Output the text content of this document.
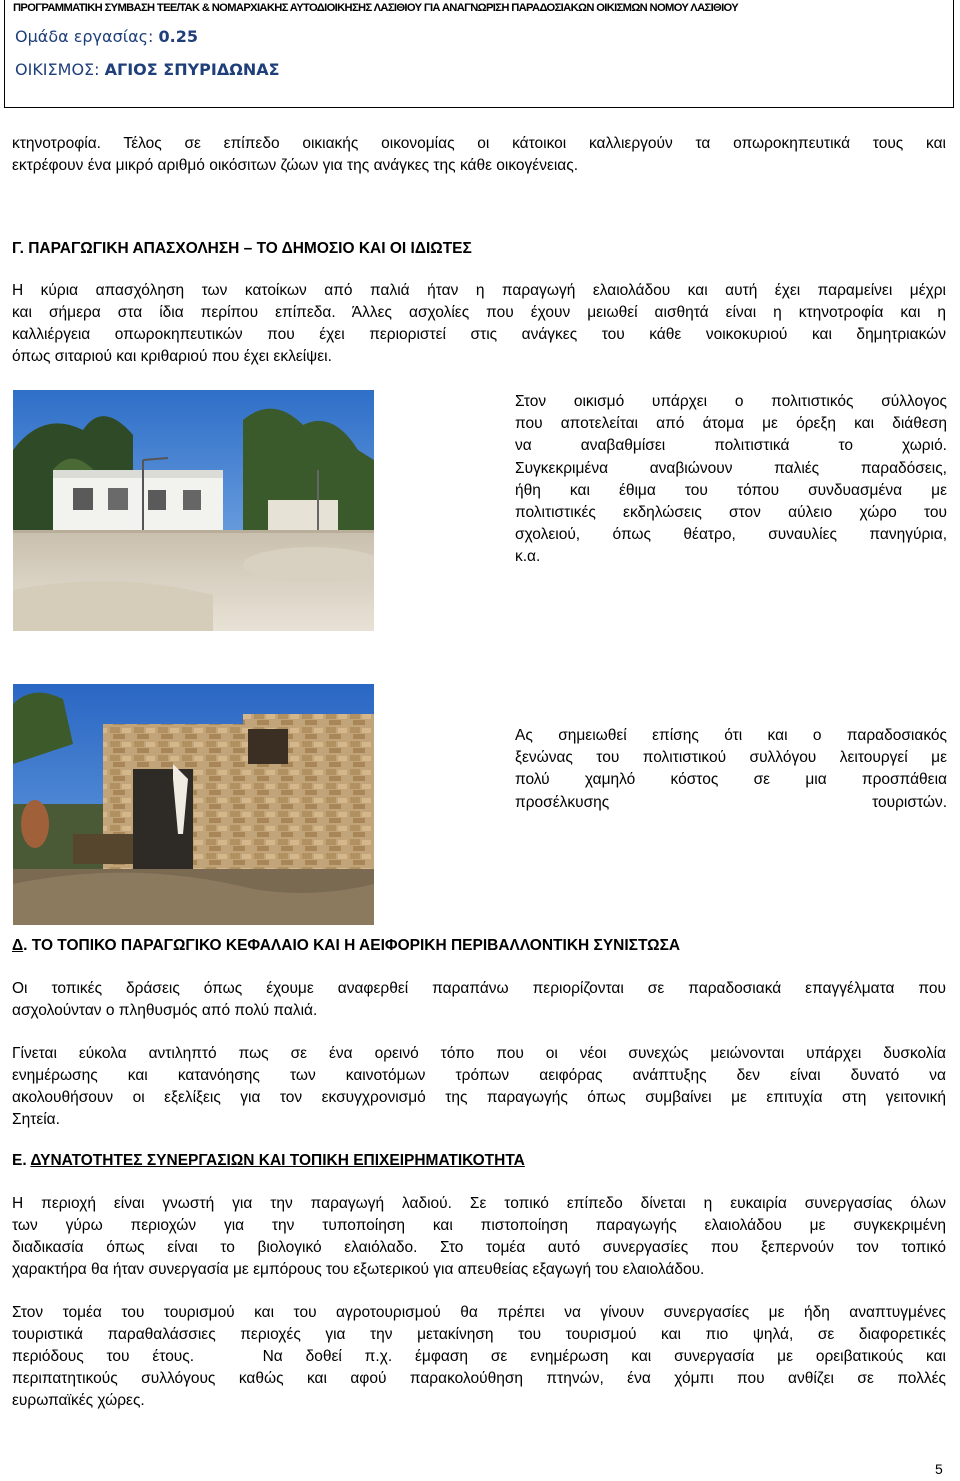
ΠΡΟΓΡΑΜΜΑΤΙΚΗ ΣΥΜΒΑΣΗ ΤΕΕ/ΤΑΚ & ΝΟΜΑΡΧΙΑΚΗΣ ΑΥΤΟΔΙΟΙΚΗΣΗΣ ΛΑΣΙΘΙΟΥ ΓΙΑ ΑΝΑΓΝΩΡΙΣΗ ΠΑΡΑΔΟΣΙΑΚΩΝ ΟΙΚΙΣΜΩΝ ΝΟΜΟΥ ΛΑΣΙΘΙΟΥ
Ομάδα εργασίας: 0.25
ΟΙΚΙΣΜΟΣ: ΑΓΙΟΣ ΣΠΥΡΙΔΩΝΑΣ
κτηνοτροφία. Τέλος σε επίπεδο οικιακής οικονομίας οι κάτοικοι καλλιεργούν τα οπωροκηπευτικά τους και
εκτρέφουν ένα μικρό αριθμό οικόσιτων ζώων για της ανάγκες της κάθε οικογένειας.
Γ. ΠΑΡΑΓΩΓΙΚΗ ΑΠΑΣΧΟΛΗΣΗ – ΤΟ ΔΗΜΟΣΙΟ ΚΑΙ ΟΙ ΙΔΙΩΤΕΣ
Η κύρια απασχόληση των κατοίκων από παλιά ήταν η παραγωγή ελαιολάδου και αυτή έχει παραμείνει μέχρι
και σήμερα στα ίδια περίπου επίπεδα. Άλλες ασχολίες που έχουν μειωθεί αισθητά είναι η κτηνοτροφία και η
καλλιέργεια οπωροκηπευτικών που έχει περιοριστεί στις ανάγκες του κάθε νοικοκυριού και δημητριακών
όπως σιταριού και κριθαριού που έχει εκλείψει.
Στον οικισμό υπάρχει ο πολιτιστικός σύλλογος
που αποτελείται από άτομα με όρεξη και διάθεση
να αναβαθμίσει πολιτιστικά το χωριό.
Συγκεκριμένα αναβιώνουν παλιές παραδόσεις,
ήθη και έθιμα του τόπου συνδυασμένα με
πολιτιστικές εκδηλώσεις στον αύλειο χώρο του
σχολειού, όπως θέατρο, συναυλίες πανηγύρια,
κ.α.
Ας σημειωθεί επίσης ότι και ο παραδοσιακός
ξενώνας του πολιτιστικού συλλόγου λειτουργεί με
πολύ χαμηλό κόστος σε μια προσπάθεια
προσέλκυσης τουριστών.
Δ. ΤΟ ΤΟΠΙΚΟ ΠΑΡΑΓΩΓΙΚΟ ΚΕΦΑΛΑΙΟ ΚΑΙ Η ΑΕΙΦΟΡΙΚΗ ΠΕΡΙΒΑΛΛΟΝΤΙΚΗ ΣΥΝΙΣΤΩΣΑ
Οι τοπικές δράσεις όπως έχουμε αναφερθεί παραπάνω περιορίζονται σε παραδοσιακά επαγγέλματα που
ασχολούνταν ο πληθυσμός από πολύ παλιά.
Γίνεται εύκολα αντιληπτό πως σε ένα ορεινό τόπο που οι νέοι συνεχώς μειώνονται υπάρχει δυσκολία
ενημέρωσης και κατανόησης των καινοτόμων τρόπων αειφόρας ανάπτυξης δεν είναι δυνατό να
ακολουθήσουν οι εξελίξεις για τον εκσυγχρονισμό της παραγωγής όπως συμβαίνει με επιτυχία στη γειτονική
Σητεία.
Ε. ΔΥΝΑΤΟΤΗΤΕΣ ΣΥΝΕΡΓΑΣΙΩΝ ΚΑΙ ΤΟΠΙΚΗ ΕΠΙΧΕΙΡΗΜΑΤΙΚΟΤΗΤΑ
Η περιοχή είναι γνωστή για την παραγωγή λαδιού. Σε τοπικό επίπεδο δίνεται η ευκαιρία συνεργασίας όλων
των γύρω περιοχών για την τυποποίηση και πιστοποίηση παραγωγής ελαιολάδου με συγκεκριμένη
διαδικασία όπως είναι το βιολογικό ελαιόλαδο. Στο τομέα αυτό συνεργασίες που ξεπερνούν τον τοπικό
χαρακτήρα θα ήταν συνεργασία με εμπόρους του εξωτερικού για απευθείας εξαγωγή του ελαιολάδου.
Στον τομέα του τουρισμού και του αγροτουρισμού θα πρέπει να γίνουν συνεργασίες με ήδη αναπτυγμένες
τουριστικά παραθαλάσσιες περιοχές για την μετακίνηση του τουρισμού και πιο ψηλά, σε διαφορετικές
περιόδους του έτους.   Να δοθεί π.χ. έμφαση σε ενημέρωση και συνεργασία με ορειβατικούς και
περιπατητικούς συλλόγους καθώς και αφού παρακολούθηση πτηνών, ένα χόμπι που ανθίζει σε πολλές
ευρωπαϊκές χώρες.
5
